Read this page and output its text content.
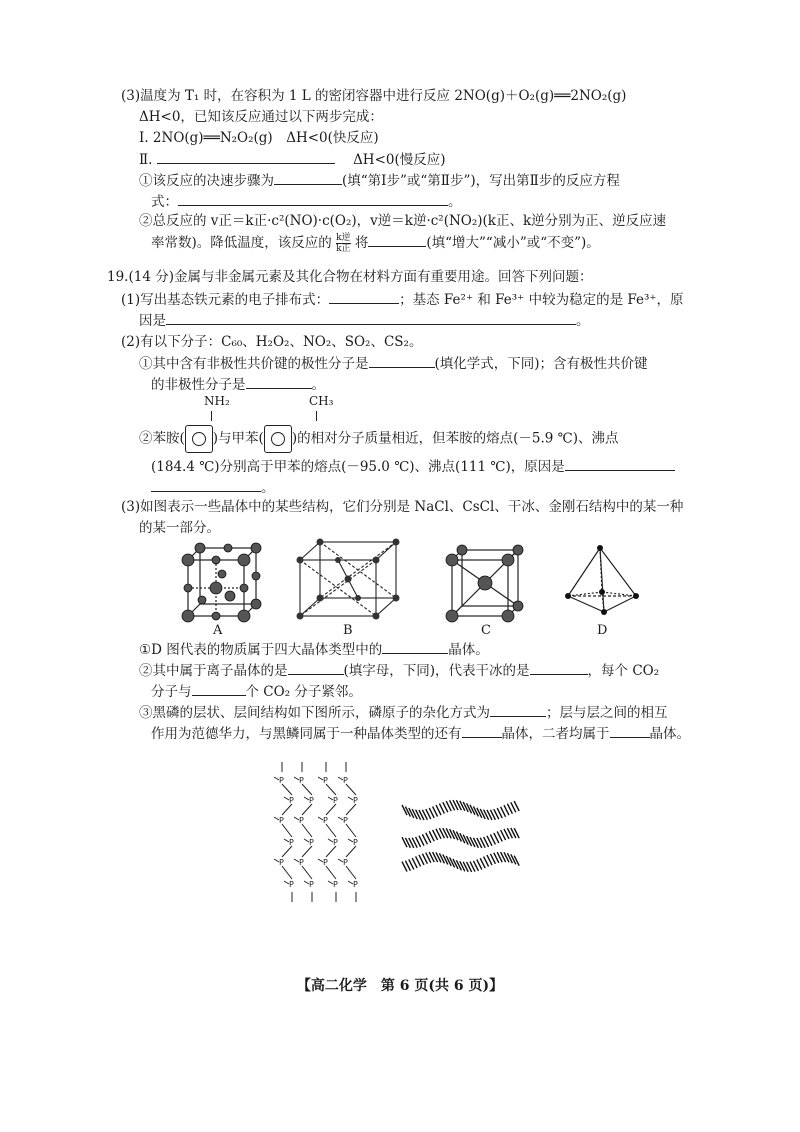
(3)温度为 T₁ 时，在容积为 1 L 的密闭容器中进行反应 2NO(g)＋O₂(g)══2NO₂(g)
ΔH<0，已知该反应通过以下两步完成：
Ⅰ. 2NO(g)══N₂O₂(g)　ΔH<0(快反应)
Ⅱ.	ΔH<0(慢反应)
①该反应的决速步骤为	(填“第Ⅰ步”或“第Ⅱ步”)，写出第Ⅱ步的反应方程
式：	。
②总反应的 v正＝k正·c²(NO)·c(O₂)，v逆＝k逆·c²(NO₂)(k正、k逆分别为正、逆反应速
率常数)。降低温度，该反应的 $\frac{\text{k逆}}{\text{k正}}$ 将	(填“增大”“减小”或“不变”)。
19.(14 分)金属与非金属元素及其化合物在材料方面有重要用途。回答下列问题：
(1)写出基态铁元素的电子排布式：	；基态 Fe²⁺ 和 Fe³⁺ 中较为稳定的是 Fe³⁺，原
因是	。
(2)有以下分子：C₆₀、H₂O₂、NO₂、SO₂、CS₂。
①其中含有非极性共价键的极性分子是	(填化学式，下同)；含有极性共价键
的非极性分子是	。
NH₂	CH₃
②苯胺( )与甲苯( )的相对分子质量相近，但苯胺的熔点(－5.9 ℃)、沸点
(184.4 ℃)分别高于甲苯的熔点(－95.0 ℃)、沸点(111 ℃)，原因是
。
(3)如图表示一些晶体中的某些结构，它们分别是 NaCl、CsCl、干冰、金刚石结构中的某一种
的某一部分。
A	B	C	D
①D 图代表的物质属于四大晶体类型中的	晶体。
②其中属于离子晶体的是	(填字母，下同)，代表干冰的是	，每个 CO₂
分子与	个 CO₂ 分子紧邻。
③黑磷的层状、层间结构如下图所示，磷原子的杂化方式为	；层与层之间的相互
作用为范德华力，与黑鳞同属于一种晶体类型的还有	晶体，二者均属于	晶体。
P P P P
P P P P
P P P P
P P P P
P P P P
P P P P
【高二化学　第 6 页(共 6 页)】
